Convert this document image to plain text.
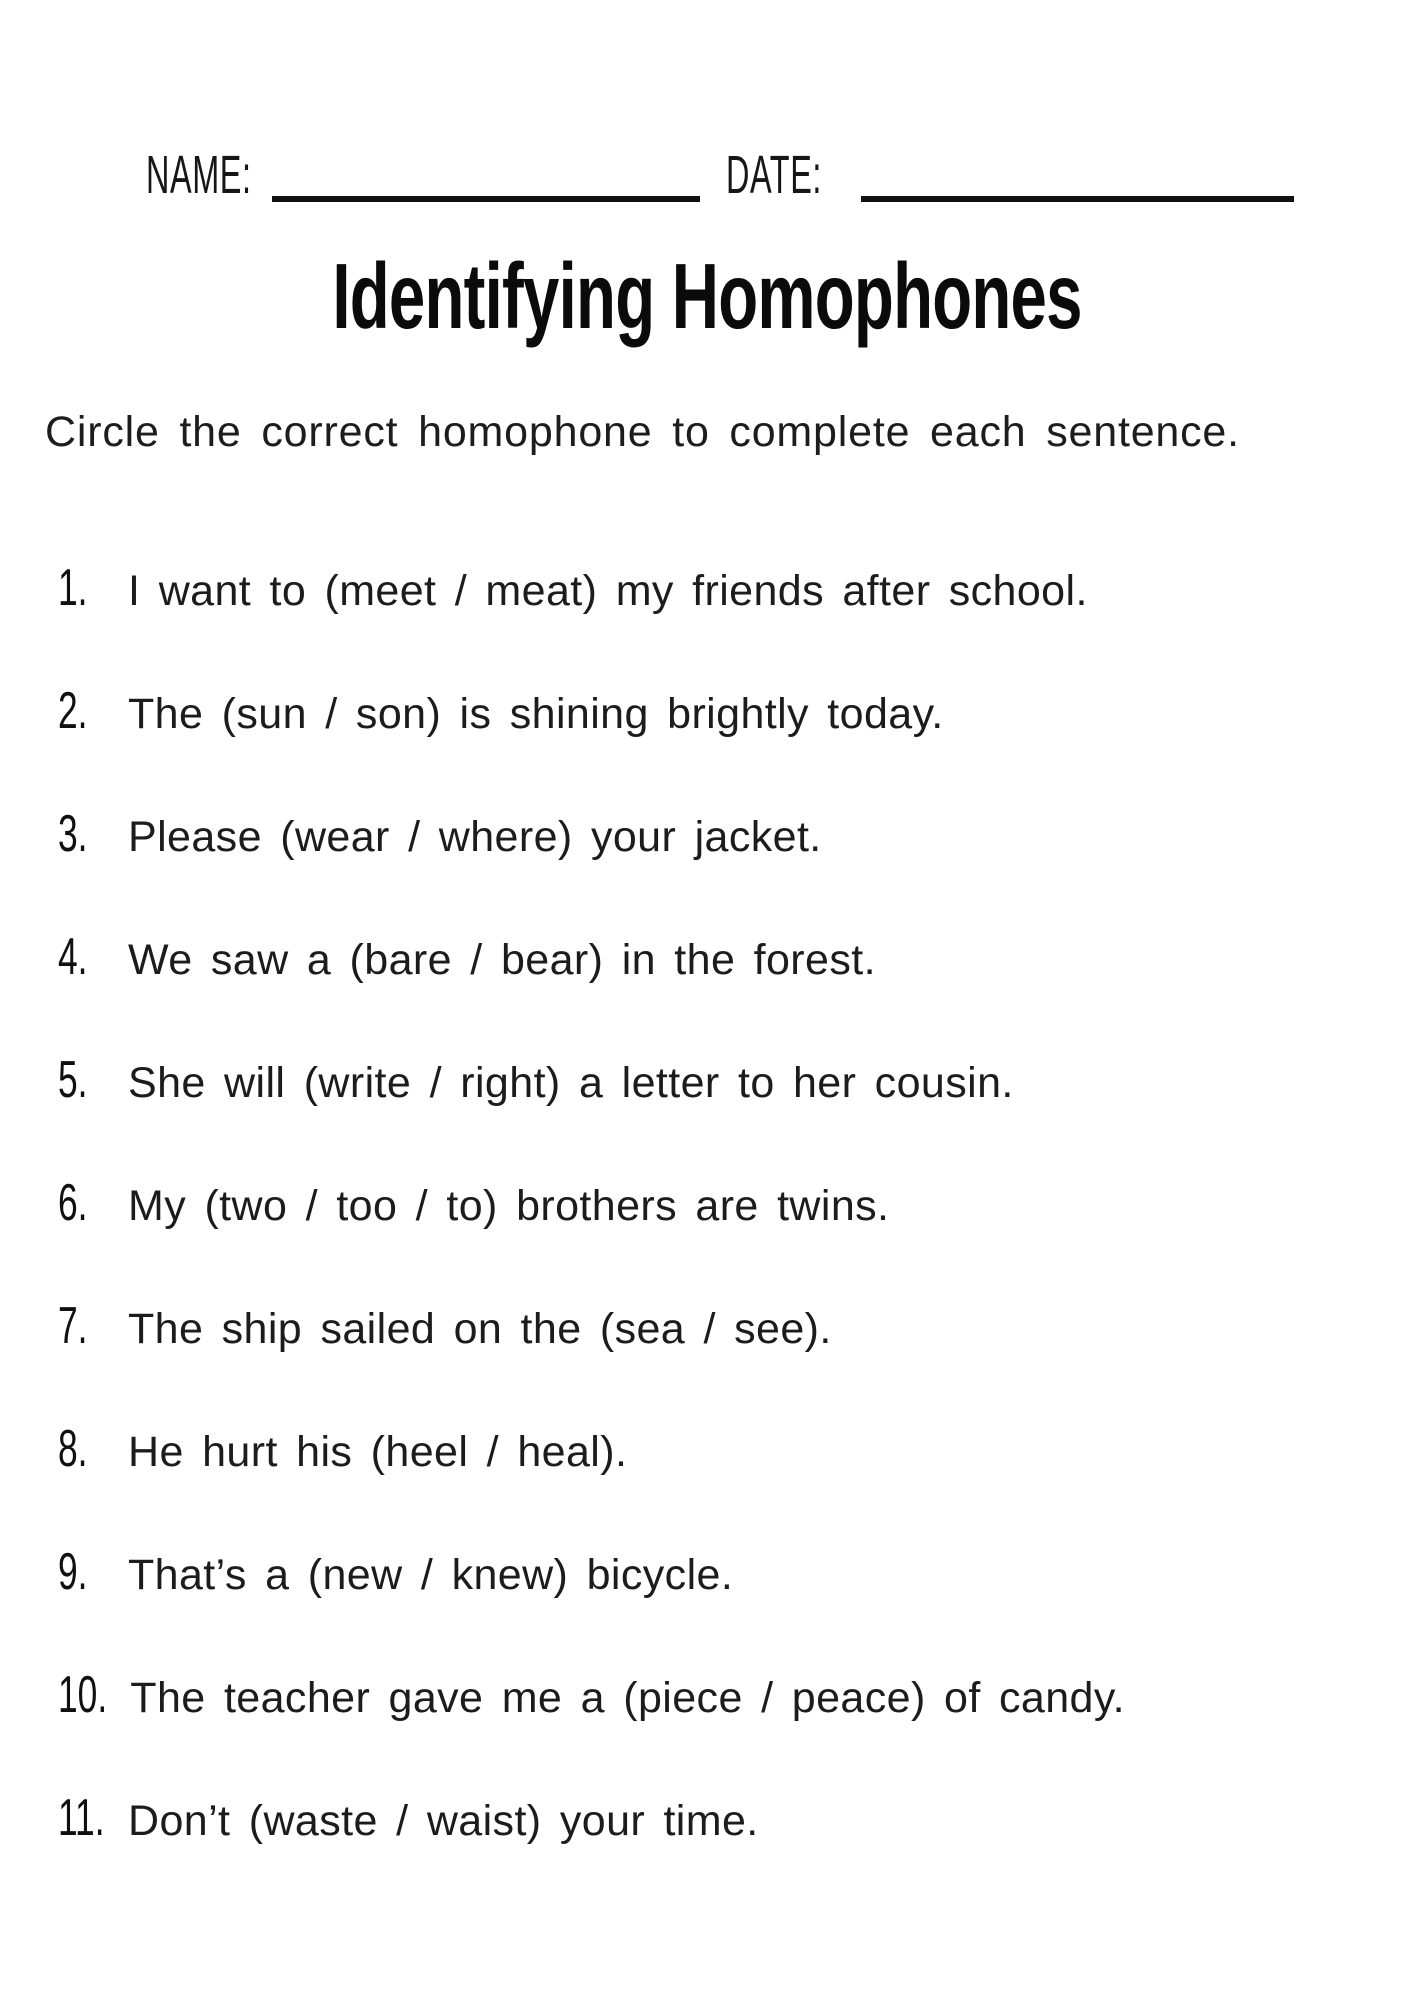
NAME:	DATE:
Identifying Homophones
Circle the correct homophone to complete each sentence.
1. I want to (meet / meat) my friends after school.
2. The (sun / son) is shining brightly today.
3. Please (wear / where) your jacket.
4. We saw a (bare / bear) in the forest.
5. She will (write / right) a letter to her cousin.
6. My (two / too / to) brothers are twins.
7. The ship sailed on the (sea / see).
8. He hurt his (heel / heal).
9. That’s a (new / knew) bicycle.
10. The teacher gave me a (piece / peace) of candy.
11. Don’t (waste / waist) your time.
